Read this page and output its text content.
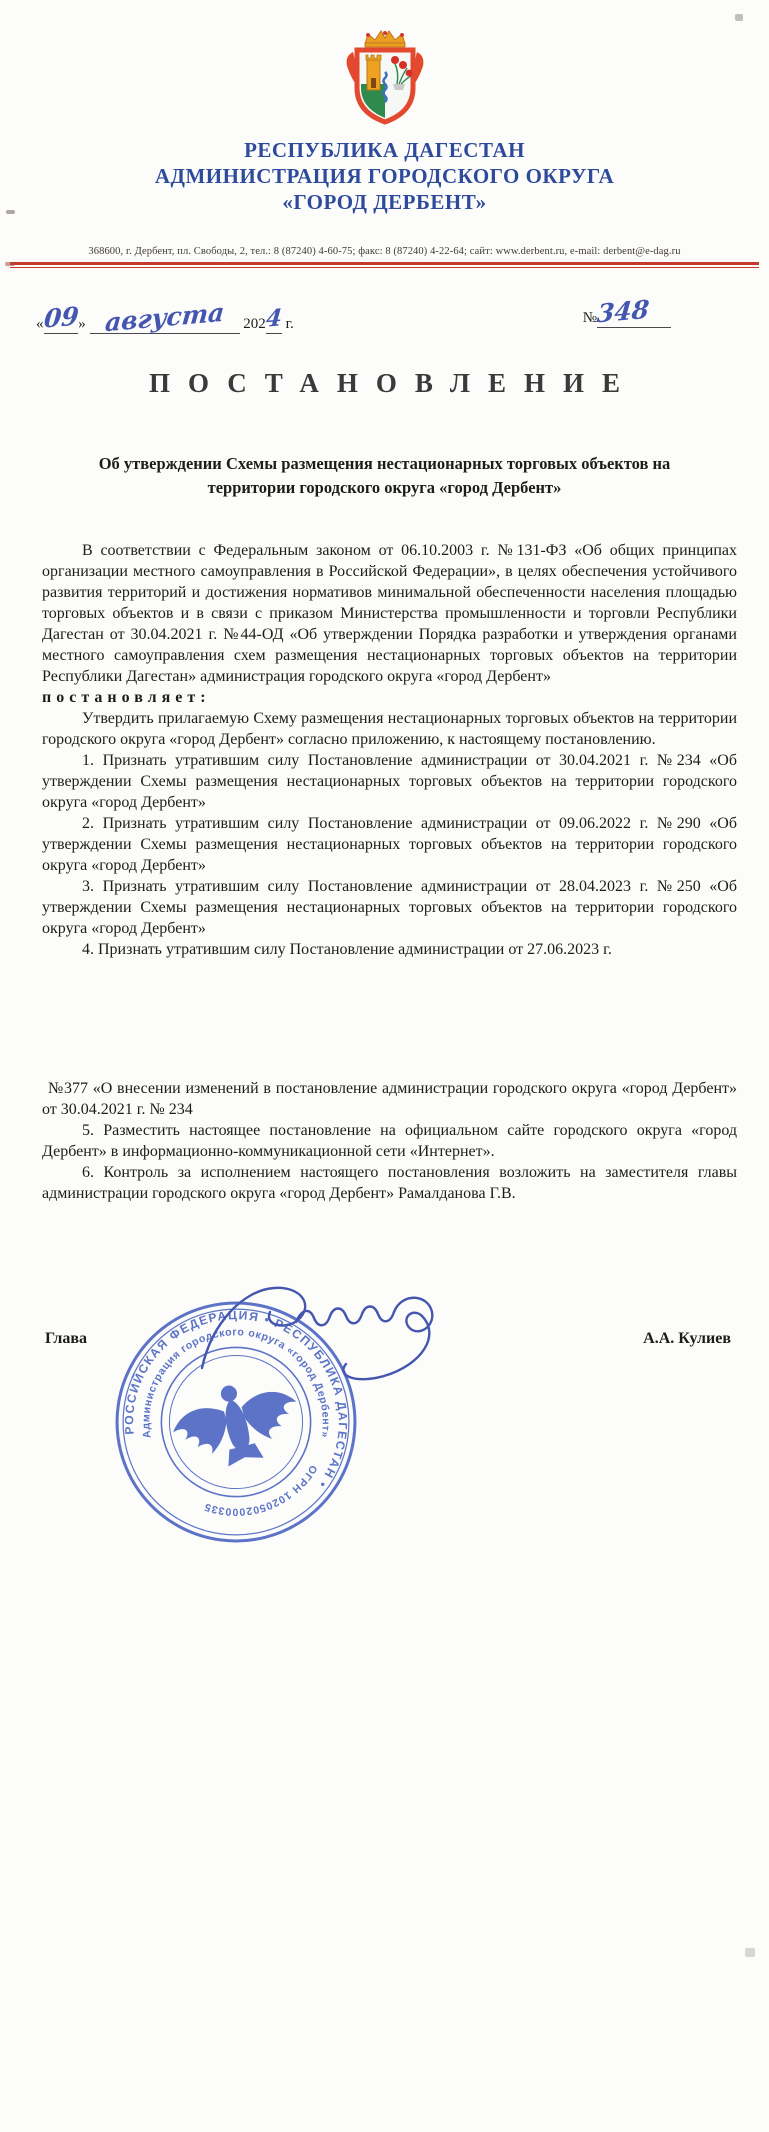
РЕСПУБЛИКА ДАГЕСТАН
АДМИНИСТРАЦИЯ ГОРОДСКОГО ОКРУГА
«ГОРОД ДЕРБЕНТ»
368600, г. Дербент, пл. Свободы, 2, тел.: 8 (87240) 4-60-75; факс: 8 (87240) 4-22-64; сайт: www.derbent.ru, e-mail: derbent@e-dag.ru
«09» августа 2024 г.	№348
ПОСТАНОВЛЕНИЕ
Об утверждении Схемы размещения нестационарных торговых объектов на территории городского округа «город Дербент»

В соответствии с Федеральным законом от 06.10.2003 г. №131-ФЗ «Об общих принципах организации местного самоуправления в Российской Федерации», в целях обеспечения устойчивого развития территорий и достижения нормативов минимальной обеспеченности населения площадью торговых объектов и в связи с приказом Министерства промышленности и торговли Республики Дагестан от 30.04.2021 г. №44-ОД «Об утверждении Порядка разработки и утверждения органами местного самоуправления схем размещения нестационарных торговых объектов на территории Республики Дагестан» администрация городского округа «город Дербент»
постановляет:

Утвердить прилагаемую Схему размещения нестационарных торговых объектов на территории городского округа «город Дербент» согласно приложению, к настоящему постановлению.

1. Признать утратившим силу Постановление администрации от 30.04.2021 г. №234 «Об утверждении Схемы размещения нестационарных торговых объектов на территории городского округа «город Дербент»

2. Признать утратившим силу Постановление администрации от 09.06.2022 г. №290 «Об утверждении Схемы размещения нестационарных торговых объектов на территории городского округа «город Дербент»

3. Признать утратившим силу Постановление администрации от 28.04.2023 г. №250 «Об утверждении Схемы размещения нестационарных торговых объектов на территории городского округа «город Дербент»

4. Признать утратившим силу Постановление администрации от 27.06.2023 г.

№377 «О внесении изменений в постановление администрации городского округа «город Дербент» от 30.04.2021 г. № 234

5. Разместить настоящее постановление на официальном сайте городского округа «город Дербент» в информационно-коммуникационной сети «Интернет».

6. Контроль за исполнением настоящего постановления возложить на заместителя главы администрации городского округа «город Дербент» Рамалданова Г.В.

Глава	А.А. Кулиев
РОССИЙСКАЯ ФЕДЕРАЦИЯ • РЕСПУБЛИКА ДАГЕСТАН •
Администрация городского округа «город Дербент»
ОГРН 1020502000335
